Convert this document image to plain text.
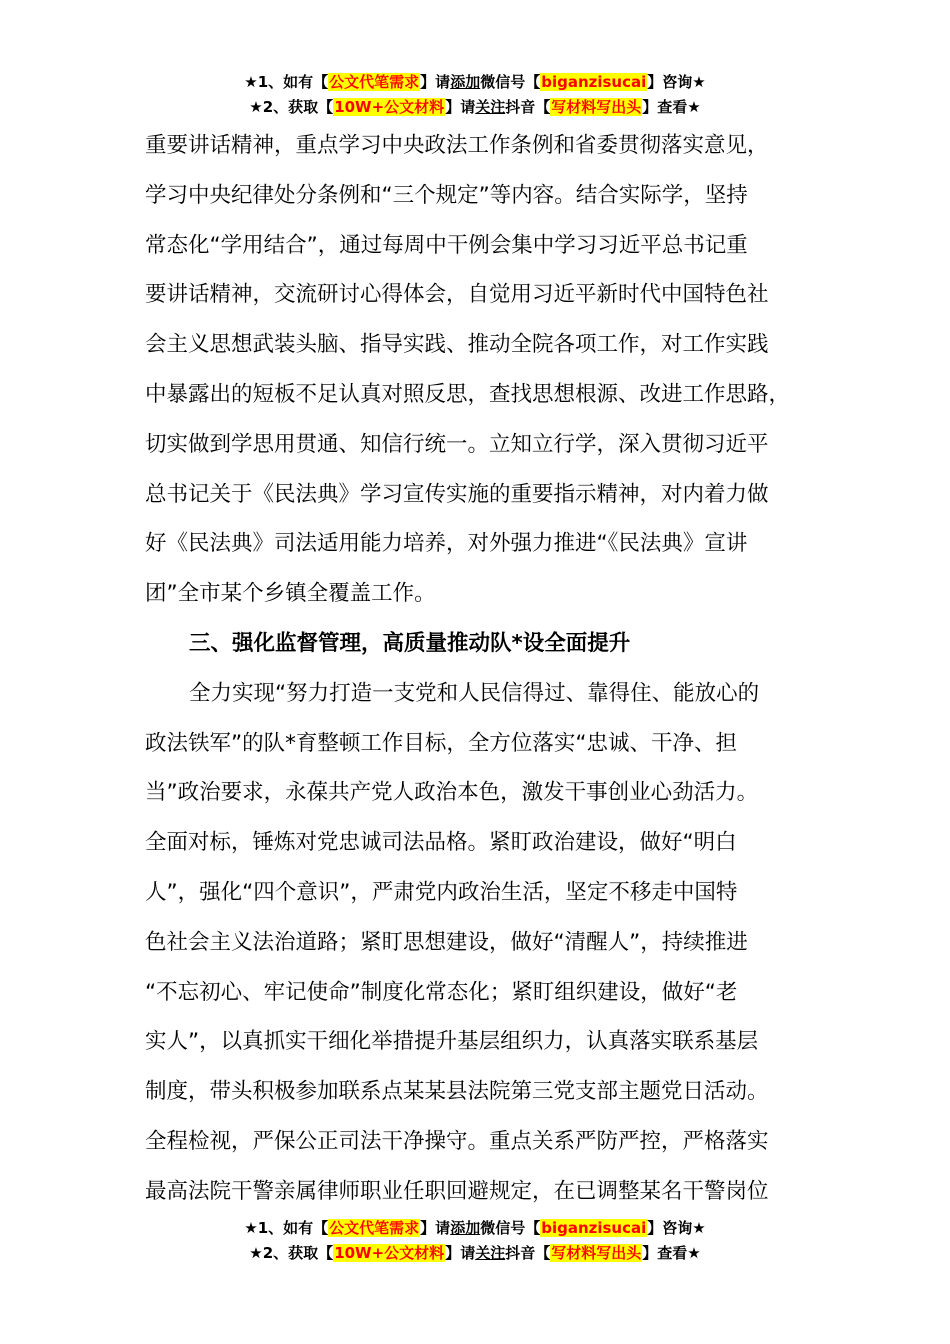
★1、如有【公文代笔需求】请添加微信号【biganzisucai】咨询★
★2、获取【10W+公文材料】请关注抖音【写材料写出头】查看★

重要讲话精神，重点学习中央政法工作条例和省委贯彻落实意见，

学习中央纪律处分条例和“三个规定”等内容。结合实际学，坚持

常态化“学用结合”，通过每周中干例会集中学习习近平总书记重

要讲话精神，交流研讨心得体会，自觉用习近平新时代中国特色社

会主义思想武装头脑、指导实践、推动全院各项工作，对工作实践

中暴露出的短板不足认真对照反思，查找思想根源、改进工作思路，

切实做到学思用贯通、知信行统一。立知立行学，深入贯彻习近平

总书记关于《民法典》学习宣传实施的重要指示精神，对内着力做

好《民法典》司法适用能力培养，对外强力推进“《民法典》宣讲

团”全市某个乡镇全覆盖工作。

三、强化监督管理，高质量推动队*设全面提升

全力实现“努力打造一支党和人民信得过、靠得住、能放心的

政法铁军”的队*育整顿工作目标，全方位落实“忠诚、干净、担

当”政治要求，永葆共产党人政治本色，激发干事创业心劲活力。

全面对标，锤炼对党忠诚司法品格。紧盯政治建设，做好“明白

人”，强化“四个意识”，严肃党内政治生活，坚定不移走中国特

色社会主义法治道路；紧盯思想建设，做好“清醒人”，持续推进

“不忘初心、牢记使命”制度化常态化；紧盯组织建设，做好“老

实人”，以真抓实干细化举措提升基层组织力，认真落实联系基层

制度，带头积极参加联系点某某县法院第三党支部主题党日活动。

全程检视，严保公正司法干净操守。重点关系严防严控，严格落实

最高法院干警亲属律师职业任职回避规定，在已调整某名干警岗位

★1、如有【公文代笔需求】请添加微信号【biganzisucai】咨询★
★2、获取【10W+公文材料】请关注抖音【写材料写出头】查看★
